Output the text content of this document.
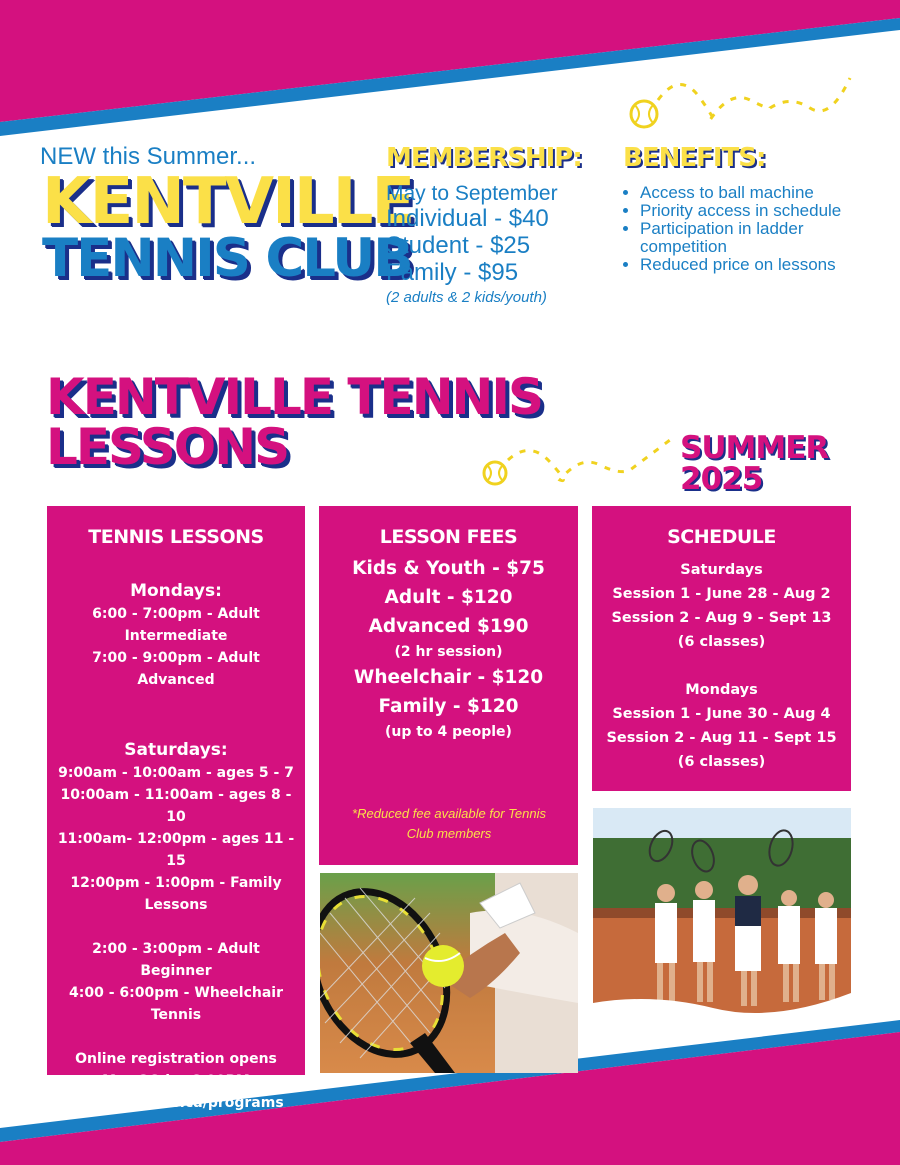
NEW this Summer...
KENTVILLE
TENNIS CLUB
MEMBERSHIP:
May to September
Individual - $40
Student - $25
Family - $95
(2 adults & 2 kids/youth)
BENEFITS:
• Access to ball machine
• Priority access in schedule
• Participation in ladder competition
• Reduced price on lessons
KENTVILLE TENNIS
LESSONS	SUMMER
2025
TENNIS LESSONS
Mondays:
6:00 - 7:00pm - Adult Intermediate
7:00 - 9:00pm - Adult Advanced
Saturdays:
9:00am - 10:00am - ages 5 - 7
10:00am - 11:00am - ages 8 - 10
11:00am- 12:00pm - ages 11 - 15
12:00pm - 1:00pm - Family Lessons
2:00 - 3:00pm - Adult Beginner
4:00 - 6:00pm - Wheelchair Tennis
Online registration opens
May 26th - 6:00PM
www.kentville.ca/programs
LESSON FEES
Kids & Youth - $75
Adult - $120
Advanced $190
(2 hr session)
Wheelchair - $120
Family - $120
(up to 4 people)
*Reduced fee available for Tennis Club members
SCHEDULE
Saturdays
Session 1 - June 28 - Aug 2
Session 2 - Aug 9 - Sept 13
(6 classes)
Mondays
Session 1 - June 30 - Aug 4
Session 2 - Aug 11 - Sept 15
(6 classes)
